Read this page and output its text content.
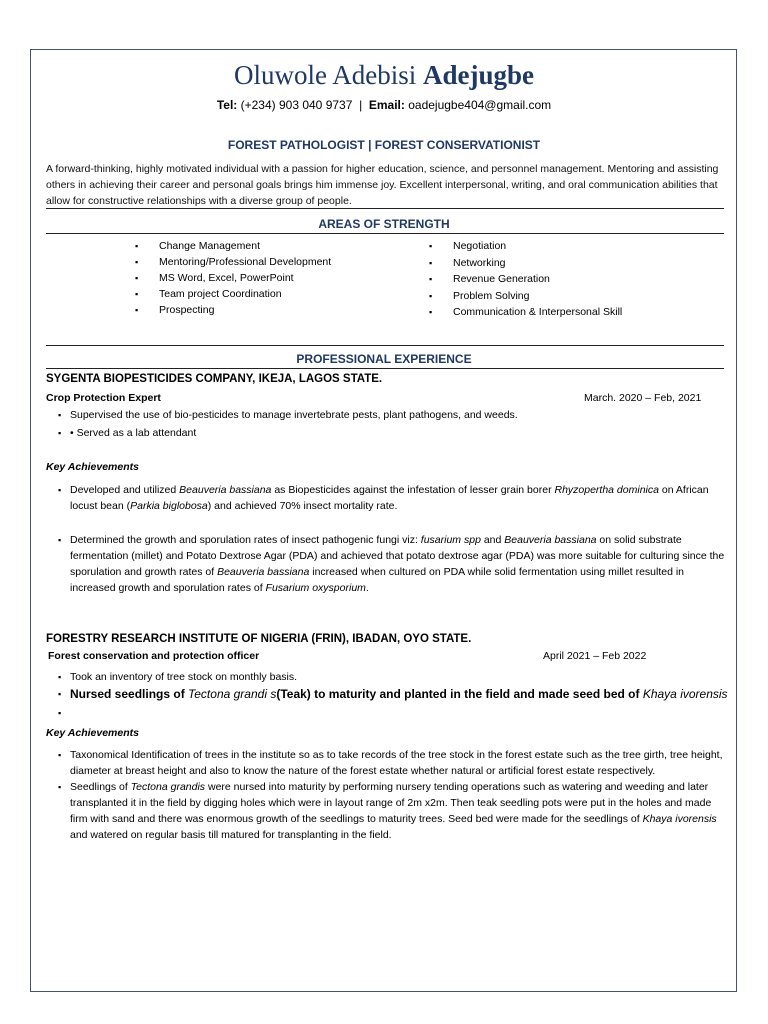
Oluwole Adebisi Adejugbe
Tel: (+234) 903 040 9737 | Email: oadejugbe404@gmail.com
FOREST PATHOLOGIST | FOREST CONSERVATIONIST
A forward-thinking, highly motivated individual with a passion for higher education, science, and personnel management. Mentoring and assisting others in achieving their career and personal goals brings him immense joy. Excellent interpersonal, writing, and oral communication abilities that allow for constructive relationships with a diverse group of people.
AREAS OF STRENGTH
▪ Change Management
▪ Mentoring/Professional Development
▪ MS Word, Excel, PowerPoint
▪ Team project Coordination
▪ Prospecting
▪ Negotiation
▪ Networking
▪ Revenue Generation
▪ Problem Solving
▪ Communication & Interpersonal Skill
PROFESSIONAL EXPERIENCE
SYGENTA BIOPESTICIDES COMPANY, IKEJA, LAGOS STATE.
Crop Protection Expert	March. 2020 – Feb, 2021
▪ Supervised the use of bio-pesticides to manage invertebrate pests, plant pathogens, and weeds.
▪ • Served as a lab attendant
Key Achievements
▪ Developed and utilized Beauveria bassiana as Biopesticides against the infestation of lesser grain borer Rhyzopertha dominica on African locust bean (Parkia biglobosa) and achieved 70% insect mortality rate.
▪ Determined the growth and sporulation rates of insect pathogenic fungi viz: fusarium spp and Beauveria bassiana on solid substrate fermentation (millet) and Potato Dextrose Agar (PDA) and achieved that potato dextrose agar (PDA) was more suitable for culturing since the sporulation and growth rates of Beauveria bassiana increased when cultured on PDA while solid fermentation using millet resulted in increased growth and sporulation rates of Fusarium oxysporium.
FORESTRY RESEARCH INSTITUTE OF NIGERIA (FRIN), IBADAN, OYO STATE.
Forest conservation and protection officer	April 2021 – Feb 2022
▪ Took an inventory of tree stock on monthly basis.
▪ Nursed seedlings of Tectona grandi s(Teak) to maturity and planted in the field and made seed bed of Khaya ivorensis
▪
Key Achievements
▪ Taxonomical Identification of trees in the institute so as to take records of the tree stock in the forest estate such as the tree girth, tree height, diameter at breast height and also to know the nature of the forest estate whether natural or artificial forest estate respectively.
▪ Seedlings of Tectona grandis were nursed into maturity by performing nursery tending operations such as watering and weeding and later transplanted it in the field by digging holes which were in layout range of 2m x2m. Then teak seedling pots were put in the holes and made firm with sand and there was enormous growth of the seedlings to maturity trees. Seed bed were made for the seedlings of Khaya ivorensis and watered on regular basis till matured for transplanting in the field.
